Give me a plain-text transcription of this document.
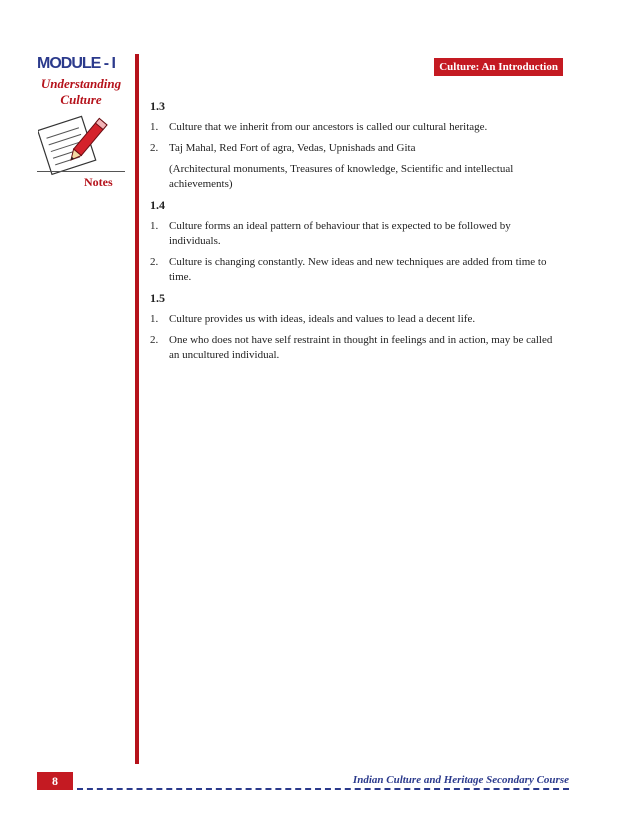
MODULE - I
Understanding
Culture
Notes
Culture: An Introduction
1.3
1. Culture that we inherit from our ancestors is called our cultural heritage.
2. Taj Mahal, Red Fort of agra, Vedas, Upnishads and Gita
(Architectural monuments, Treasures of knowledge, Scientific and intellectual achievements)
1.4
1. Culture forms an ideal pattern of behaviour that is expected to be followed by individuals.
2. Culture is changing constantly. New ideas and new techniques are added from time to time.
1.5
1. Culture provides us with ideas, ideals and values to lead a decent life.
2. One who does not have self restraint in thought in feelings and in action, may be called an uncultured individual.
8	Indian Culture and Heritage Secondary Course
